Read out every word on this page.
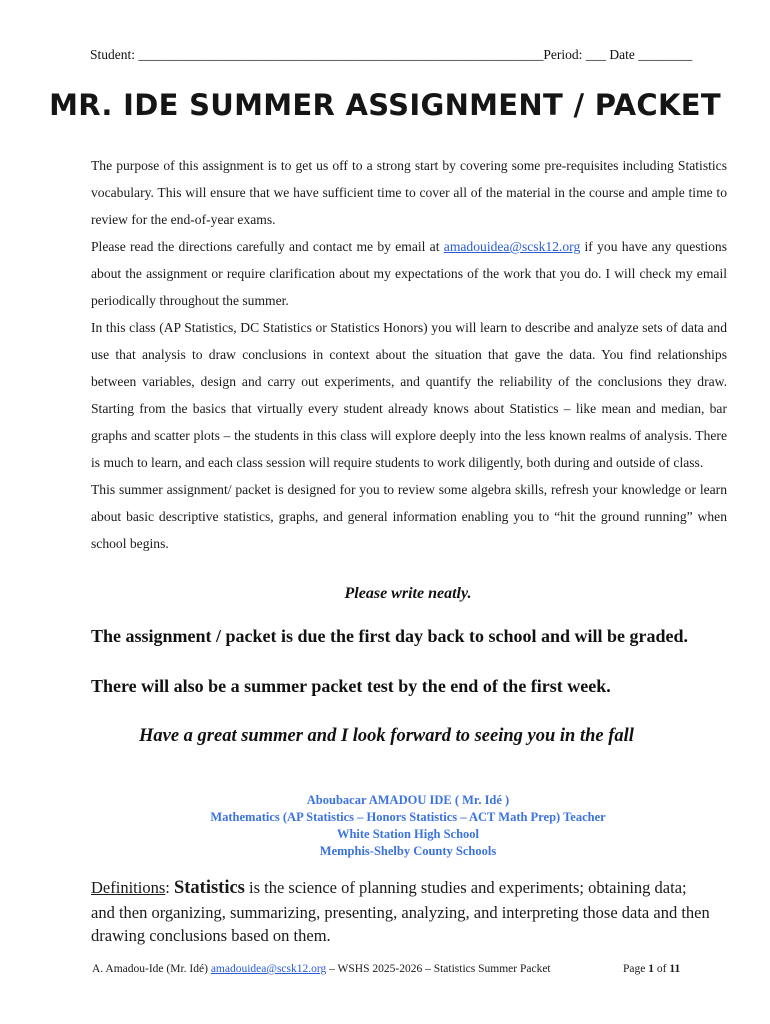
Student: ____________________________________________________________Period: ___ Date ________
MR. IDE SUMMER ASSIGNMENT / PACKET

The purpose of this assignment is to get us off to a strong start by covering some pre-requisites including Statistics vocabulary. This will ensure that we have sufficient time to cover all of the material in the course and ample time to review for the end-of-year exams.

Please read the directions carefully and contact me by email at amadouidea@scsk12.org if you have any questions about the assignment or require clarification about my expectations of the work that you do. I will check my email periodically throughout the summer.

In this class (AP Statistics, DC Statistics or Statistics Honors) you will learn to describe and analyze sets of data and use that analysis to draw conclusions in context about the situation that gave the data. You find relationships between variables, design and carry out experiments, and quantify the reliability of the conclusions they draw. Starting from the basics that virtually every student already knows about Statistics – like mean and median, bar graphs and scatter plots – the students in this class will explore deeply into the less known realms of analysis. There is much to learn, and each class session will require students to work diligently, both during and outside of class.

This summer assignment/ packet is designed for you to review some algebra skills, refresh your knowledge or learn about basic descriptive statistics, graphs, and general information enabling you to “hit the ground running” when school begins.

Please write neatly.
The assignment / packet is due the first day back to school and will be graded.
There will also be a summer packet test by the end of the first week.
Have a great summer and I look forward to seeing you in the fall
Aboubacar AMADOU IDE ( Mr. Idé )
Mathematics (AP Statistics – Honors Statistics – ACT Math Prep) Teacher
White Station High School
Memphis-Shelby County Schools
Definitions: Statistics is the science of planning studies and experiments; obtaining data; and then organizing, summarizing, presenting, analyzing, and interpreting those data and then drawing conclusions based on them.
A. Amadou-Ide (Mr. Idé) amadouidea@scsk12.org – WSHS 2025-2026 – Statistics Summer Packet	Page 1 of 11
